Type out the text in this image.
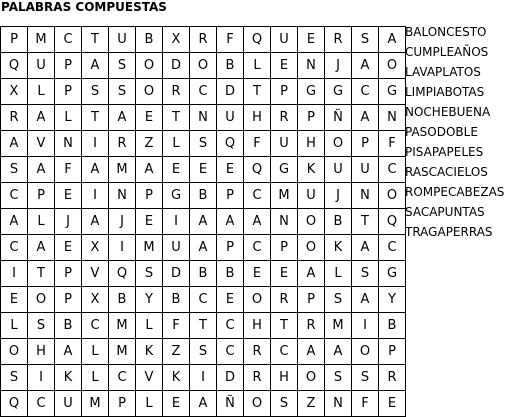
PALABRAS COMPUESTAS
P	M	C	T	U	B	X	R	F	Q	U	E	R	S	A
Q	U	P	A	S	O	D	O	B	L	E	N	J	A	O
X	L	P	S	S	O	R	C	D	T	P	G	G	C	G
R	A	L	T	A	E	T	N	U	H	R	P	Ñ	A	N
A	V	N	I	R	Z	L	S	Q	F	U	H	O	P	F
S	A	F	A	M	A	E	E	E	Q	G	K	U	U	C
C	P	E	I	N	P	G	B	P	C	M	U	J	N	O
A	L	J	A	J	E	I	A	A	A	N	O	B	T	Q
C	A	E	X	I	M	U	A	P	C	P	O	K	A	C
I	T	P	V	Q	S	D	B	B	E	E	A	L	S	G
E	O	P	X	B	Y	B	C	E	O	R	P	S	A	Y
L	S	B	C	M	L	F	T	C	H	T	R	M	I	B
O	H	A	L	M	K	Z	S	C	R	C	A	A	O	P
S	I	K	L	C	V	K	I	D	R	H	O	S	S	R
Q	C	U	M	P	L	E	A	Ñ	O	S	Z	N	F	E
BALONCESTO
CUMPLEAÑOS
LAVAPLATOS
LIMPIABOTAS
NOCHEBUENA
PASODOBLE
PISAPAPELES
RASCACIELOS
ROMPECABEZAS
SACAPUNTAS
TRAGAPERRAS
